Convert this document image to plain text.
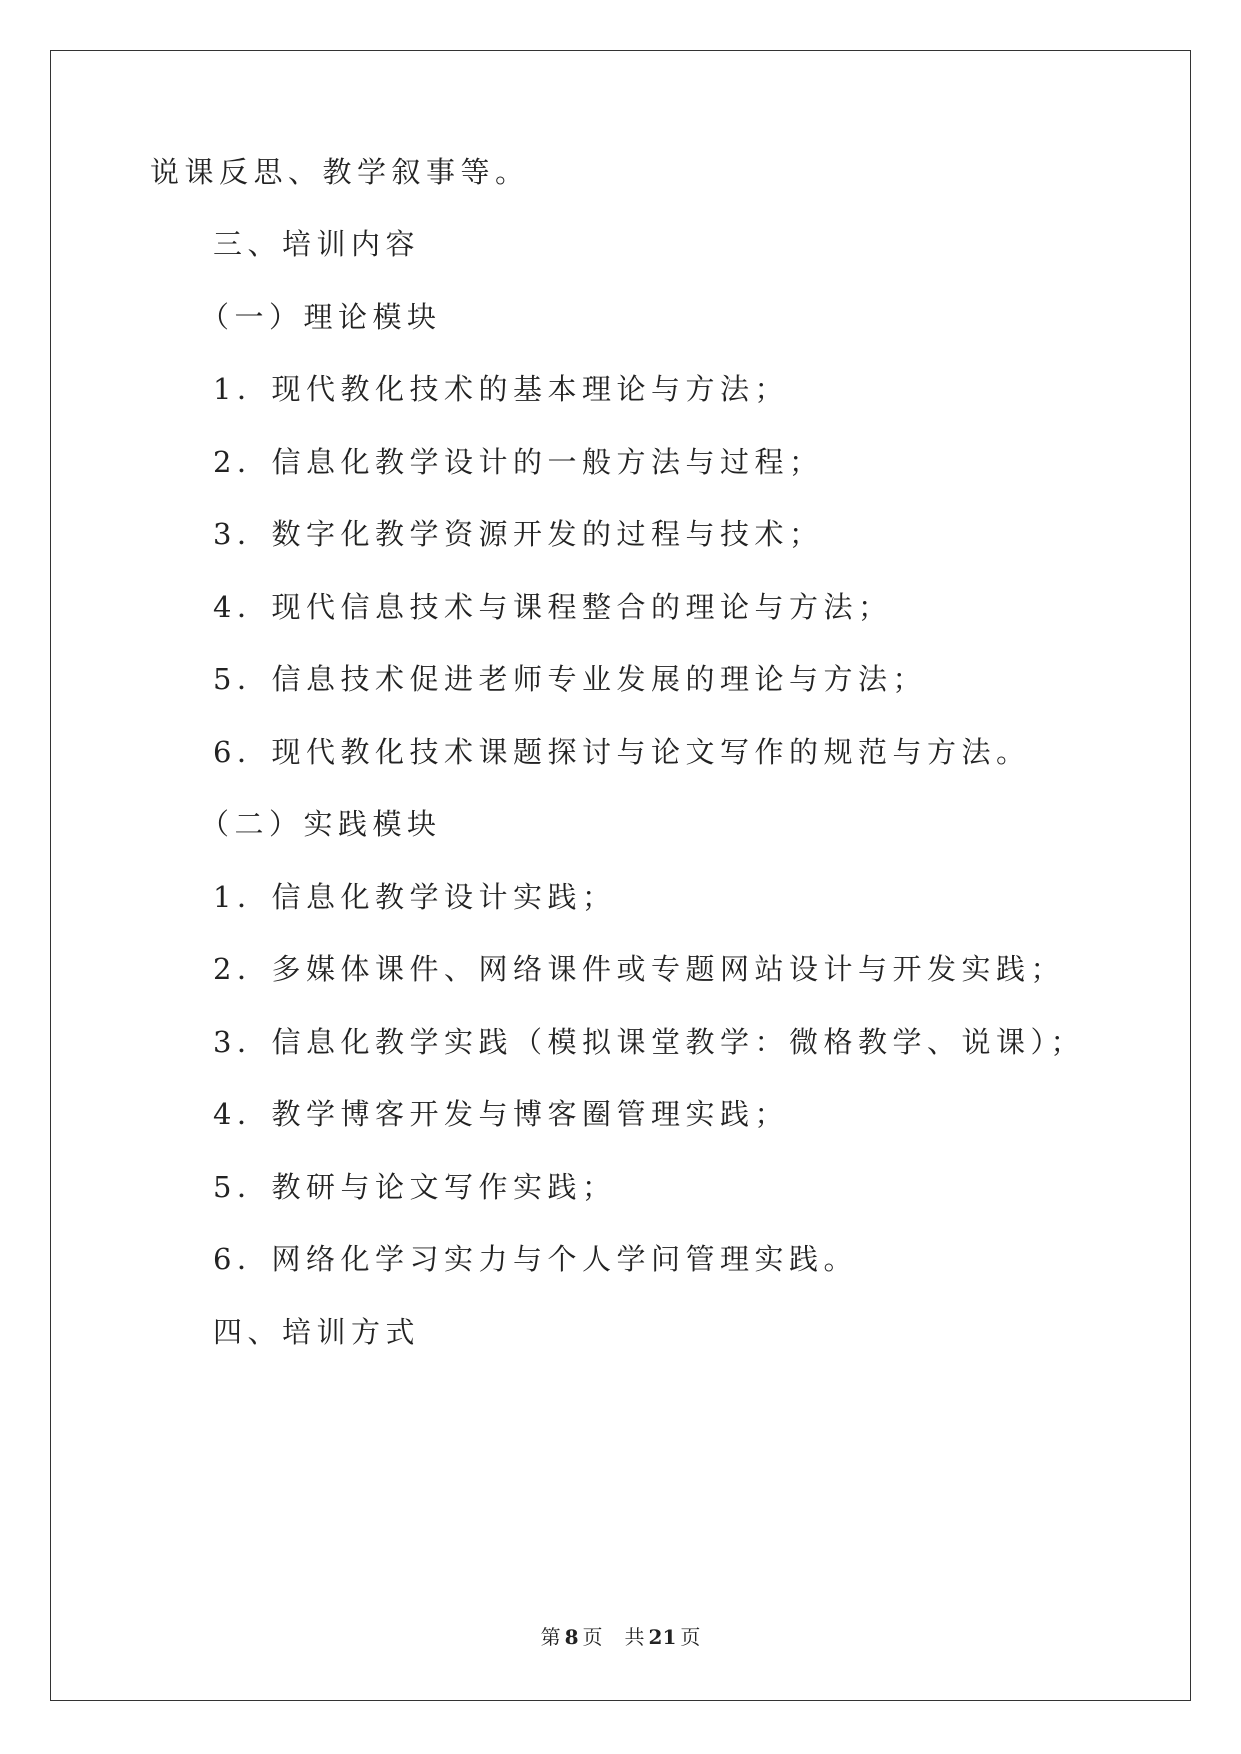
说课反思、教学叙事等。
三、培训内容
（一）理论模块
1．现代教化技术的基本理论与方法；
2．信息化教学设计的一般方法与过程；
3．数字化教学资源开发的过程与技术；
4．现代信息技术与课程整合的理论与方法；
5．信息技术促进老师专业发展的理论与方法；
6．现代教化技术课题探讨与论文写作的规范与方法。
（二）实践模块
1．信息化教学设计实践；
2．多媒体课件、网络课件或专题网站设计与开发实践；
3．信息化教学实践（模拟课堂教学：微格教学、说课）；
4．教学博客开发与博客圈管理实践；
5．教研与论文写作实践；
6．网络化学习实力与个人学问管理实践。
四、培训方式
第 8 页 共 21 页
